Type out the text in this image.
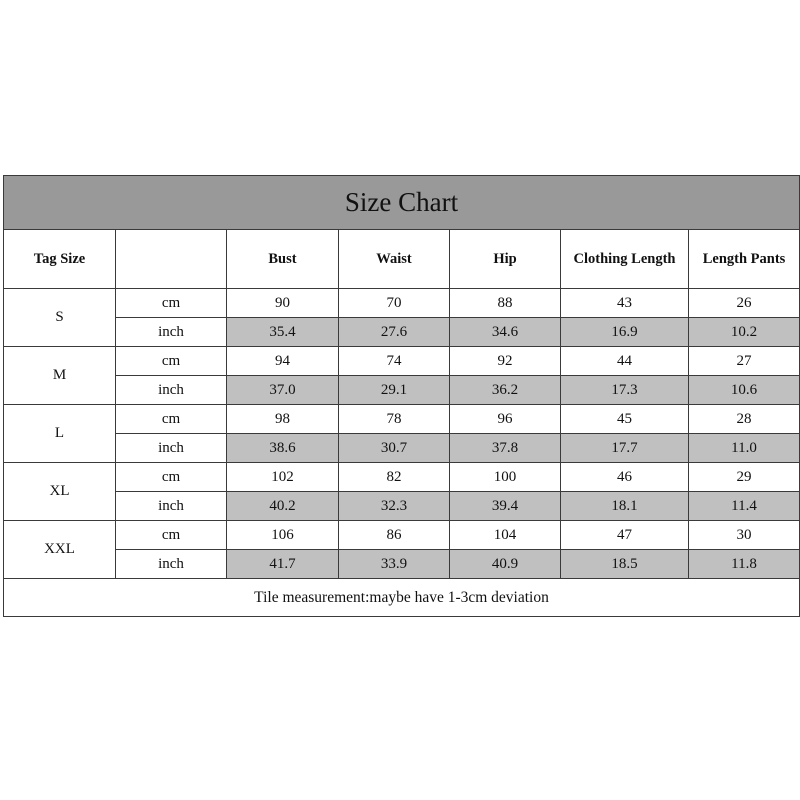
Size Chart						
Tag Size		Bust	Waist	Hip	Clothing Length	Length Pants
S	cm	90	70	88	43	26
	inch	35.4	27.6	34.6	16.9	10.2
M	cm	94	74	92	44	27
	inch	37.0	29.1	36.2	17.3	10.6
L	cm	98	78	96	45	28
	inch	38.6	30.7	37.8	17.7	11.0
XL	cm	102	82	100	46	29
	inch	40.2	32.3	39.4	18.1	11.4
XXL	cm	106	86	104	47	30
	inch	41.7	33.9	40.9	18.5	11.8
Tile measurement:maybe have 1-3cm deviation						
